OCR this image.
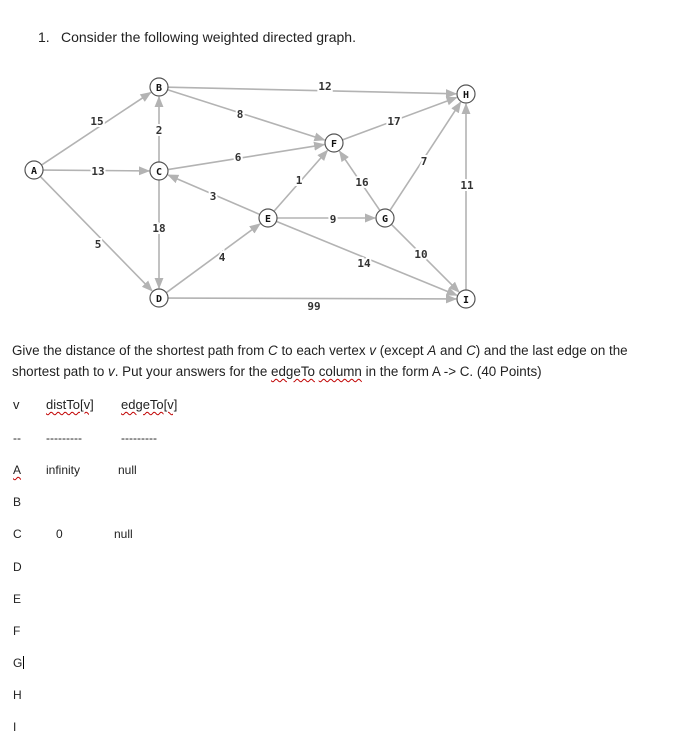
1. Consider the following weighted directed graph.
15
13
5
2
12
8
6
3
18
1
9
4	14
17
16
7
11
10
99
A
B
C
D
E
F
G
H
I
Give the distance of the shortest path from C to each vertex v (except A and C) and the last edge on the shortest path to v. Put your answers for the edgeTo column in the form A -> C. (40 Points)
v distTo[v] edgeTo[v]
-- ---------	---------
A infinity	null
B
C	0	null
D
E
F
G
H
I
